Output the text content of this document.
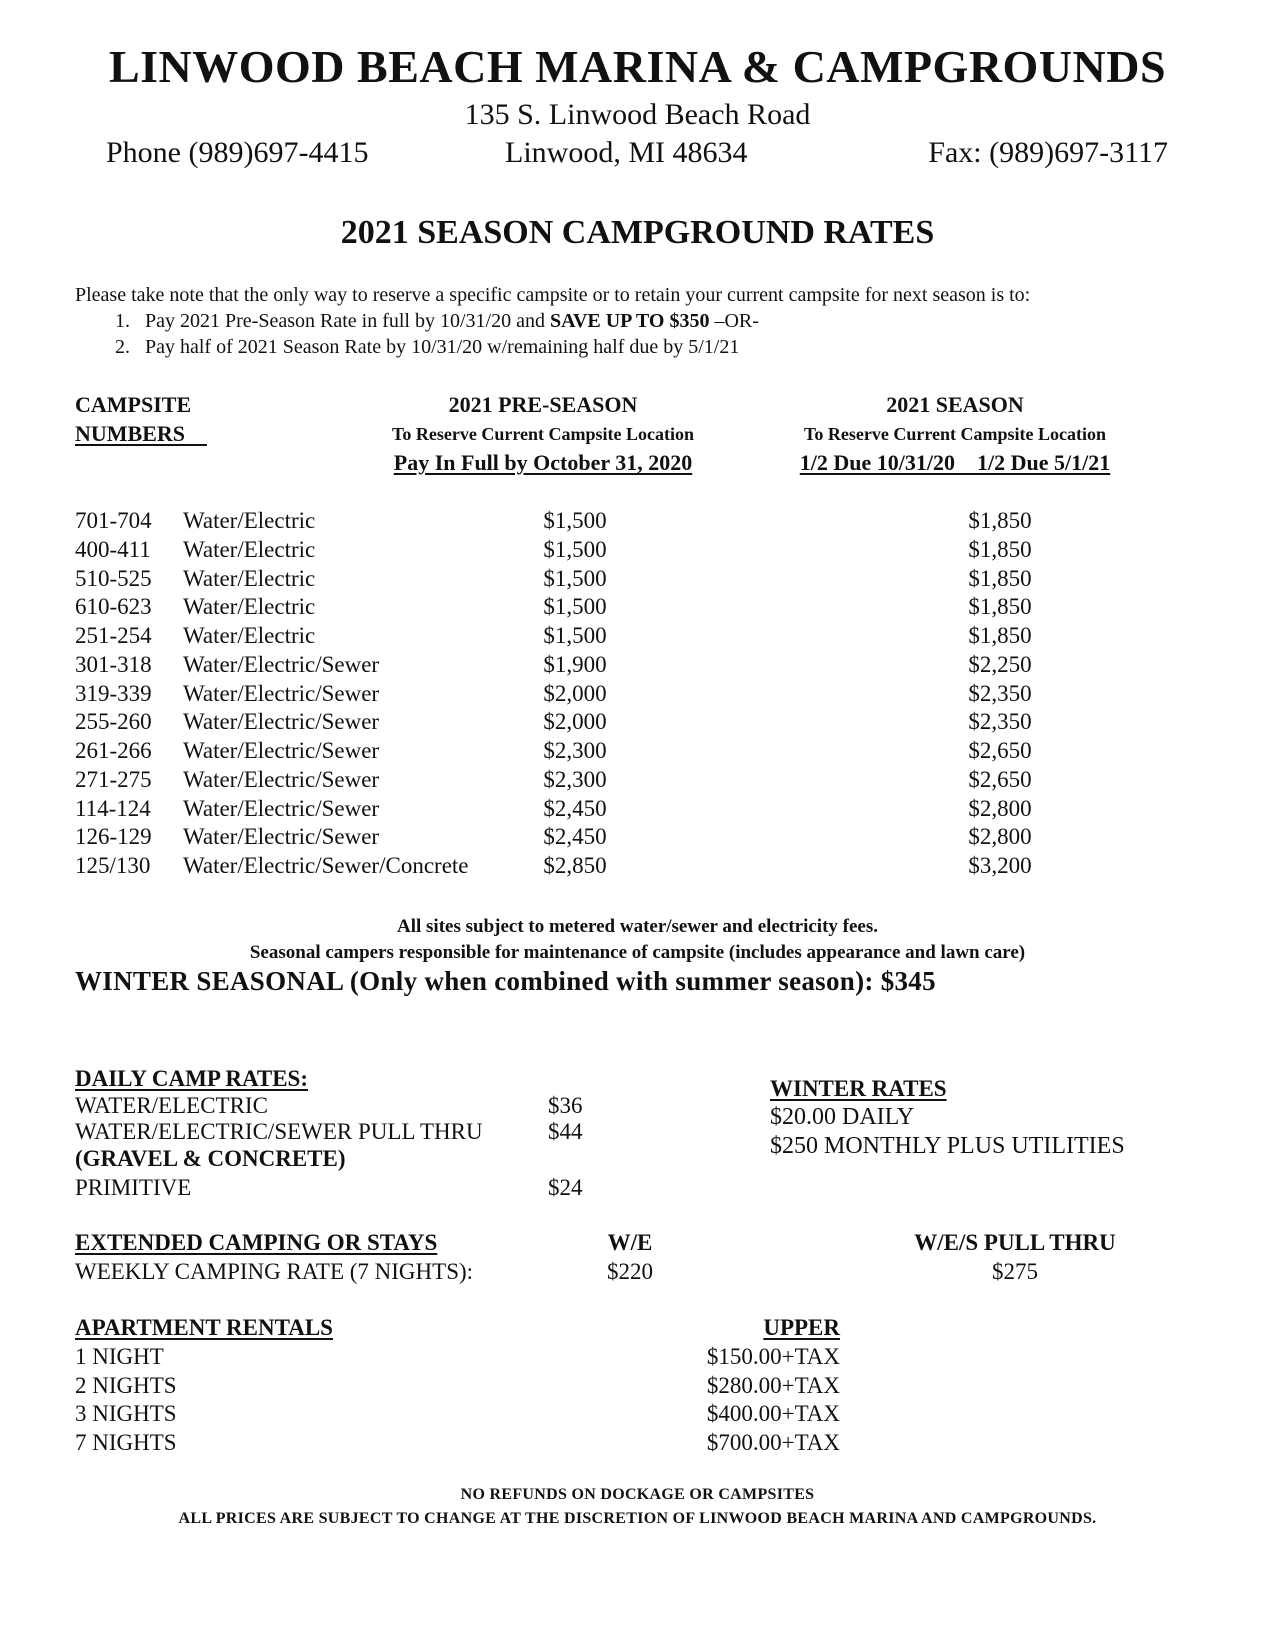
LINWOOD BEACH MARINA & CAMPGROUNDS
135 S. Linwood Beach Road
Phone (989)697-4415	Linwood, MI 48634	Fax: (989)697-3117
2021 SEASON CAMPGROUND RATES
Please take note that the only way to reserve a specific campsite or to retain your current campsite for next season is to:
1. Pay 2021 Pre-Season Rate in full by 10/31/20 and SAVE UP TO $350 –OR-
2. Pay half of 2021 Season Rate by 10/31/20 w/remaining half due by 5/1/21
CAMPSITE
NUMBERS
2021 PRE-SEASON
To Reserve Current Campsite Location
Pay In Full by October 31, 2020
2021 SEASON
To Reserve Current Campsite Location
1/2 Due 10/31/20    1/2 Due 5/1/21
701-704 Water/Electric	$1,500	$1,850
400-411 Water/Electric	$1,500	$1,850
510-525 Water/Electric	$1,500	$1,850
610-623 Water/Electric	$1,500	$1,850
251-254 Water/Electric	$1,500	$1,850
301-318 Water/Electric/Sewer	$1,900	$2,250
319-339 Water/Electric/Sewer	$2,000	$2,350
255-260 Water/Electric/Sewer	$2,000	$2,350
261-266 Water/Electric/Sewer	$2,300	$2,650
271-275 Water/Electric/Sewer	$2,300	$2,650
114-124 Water/Electric/Sewer	$2,450	$2,800
126-129 Water/Electric/Sewer	$2,450	$2,800
125/130 Water/Electric/Sewer/Concrete	$2,850	$3,200
All sites subject to metered water/sewer and electricity fees.
Seasonal campers responsible for maintenance of campsite (includes appearance and lawn care)
WINTER SEASONAL (Only when combined with summer season): $345
DAILY CAMP RATES:
WATER/ELECTRIC	$36
WATER/ELECTRIC/SEWER PULL THRU	$44
(GRAVEL & CONCRETE)
PRIMITIVE	$24
WINTER RATES
$20.00 DAILY
$250 MONTHLY PLUS UTILITIES
EXTENDED CAMPING OR STAYS	W/E	W/E/S PULL THRU
WEEKLY CAMPING RATE (7 NIGHTS):	$220	$275
APARTMENT RENTALS	UPPER
1 NIGHT	$150.00+TAX
2 NIGHTS	$280.00+TAX
3 NIGHTS	$400.00+TAX
7 NIGHTS	$700.00+TAX
NO REFUNDS ON DOCKAGE OR CAMPSITES
ALL PRICES ARE SUBJECT TO CHANGE AT THE DISCRETION OF LINWOOD BEACH MARINA AND CAMPGROUNDS.
